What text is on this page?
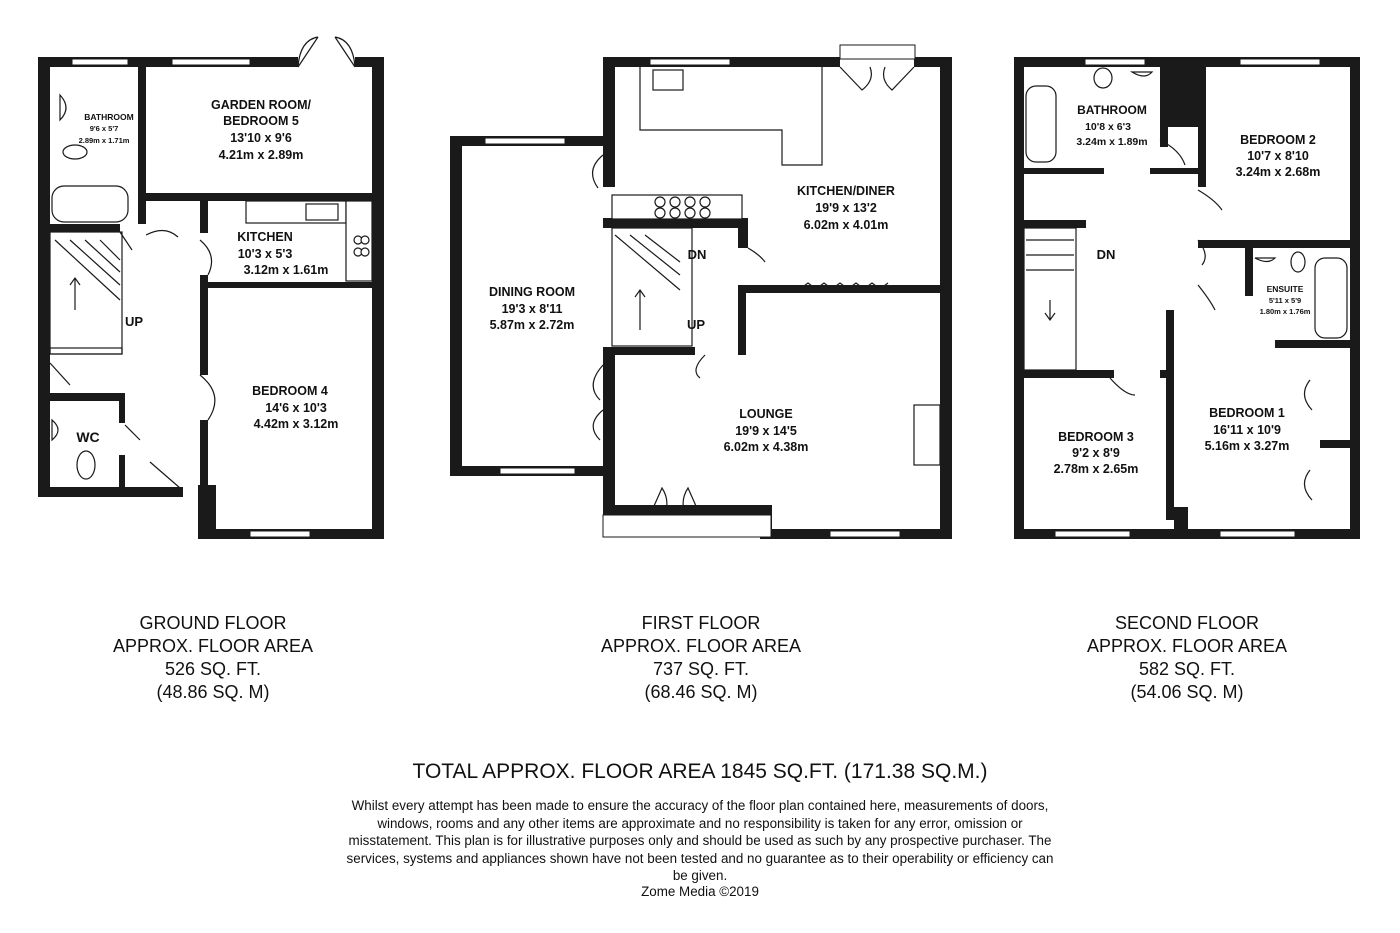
BATHROOM
9'6 x 5'7
2.89m x 1.71m
GARDEN ROOM/
BEDROOM 5
13'10 x 9'6
4.21m x 2.89m
KITCHEN
10'3 x 5'3
3.12m x 1.61m
BEDROOM 4
14'6 x 10'3
4.42m x 3.12m
WC
UP
DINING ROOM
19'3 x 8'11
5.87m x 2.72m
KITCHEN/DINER
19'9 x 13'2
6.02m x 4.01m
LOUNGE
19'9 x 14'5
6.02m x 4.38m
DN
UP
BATHROOM
10'8 x 6'3
3.24m x 1.89m	BEDROOM 2
10'7 x 8'10
3.24m x 2.68m
ENSUITE
5'11 x 5'9
1.80m x 1.76m
BEDROOM 1
16'11 x 10'9
5.16m x 3.27m
BEDROOM 3
9'2 x 8'9
2.78m x 2.65m
DN
GROUND FLOOR
APPROX. FLOOR AREA
526 SQ. FT.
(48.86 SQ. M)
FIRST FLOOR
APPROX. FLOOR AREA
737 SQ. FT.
(68.46 SQ. M)
SECOND FLOOR
APPROX. FLOOR AREA
582 SQ. FT.
(54.06 SQ. M)
TOTAL APPROX. FLOOR AREA 1845 SQ.FT. (171.38 SQ.M.)
Whilst every attempt has been made to ensure the accuracy of the floor plan contained here, measurements of doors, windows, rooms and any other items are approximate and no responsibility is taken for any error, omission or misstatement. This plan is for illustrative purposes only and should be used as such by any prospective purchaser. The services, systems and appliances shown have not been tested and no guarantee as to their operability or efficiency can be given.
Zome Media ©2019
